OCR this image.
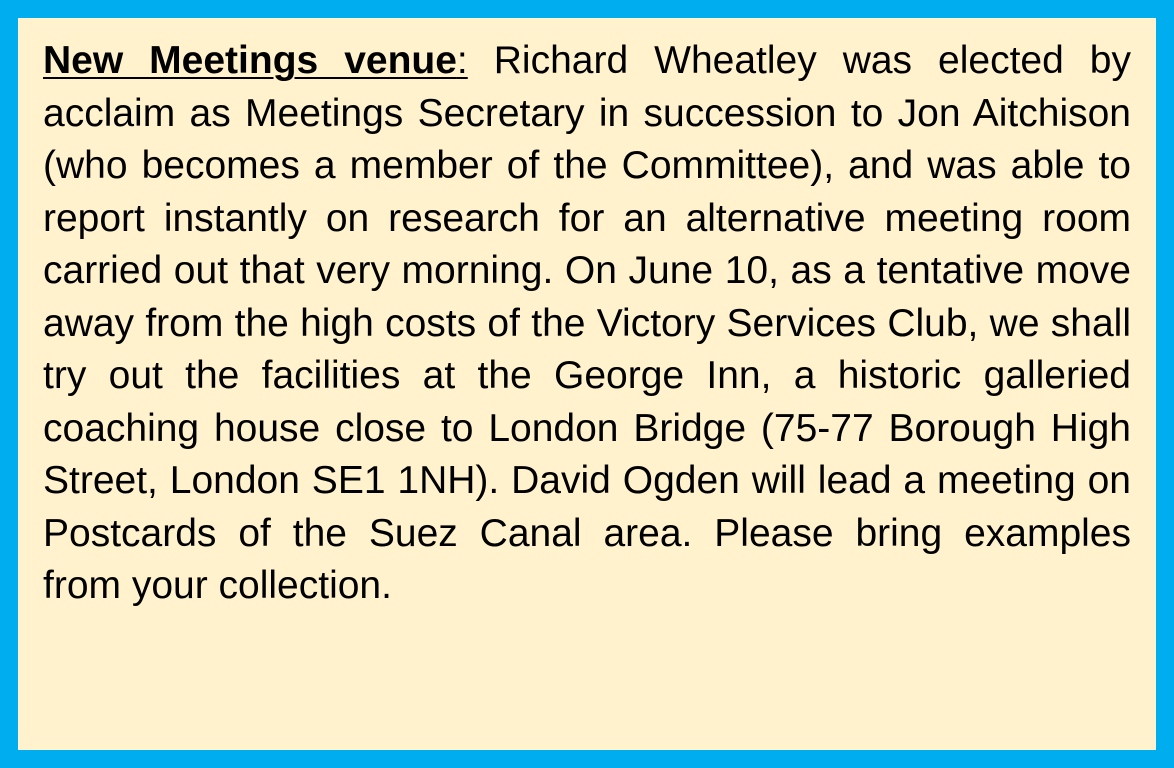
New Meetings venue: Richard Wheatley was elected by acclaim as Meetings Secretary in succession to Jon Aitchison (who becomes a member of the Committee), and was able to report instantly on research for an alternative meeting room carried out that very morning. On June 10, as a tentative move away from the high costs of the Victory Services Club, we shall try out the facilities at the George Inn, a historic galleried coaching house close to London Bridge (75-77 Borough High Street, London SE1 1NH). David Ogden will lead a meeting on Postcards of the Suez Canal area. Please bring examples from your collection.
